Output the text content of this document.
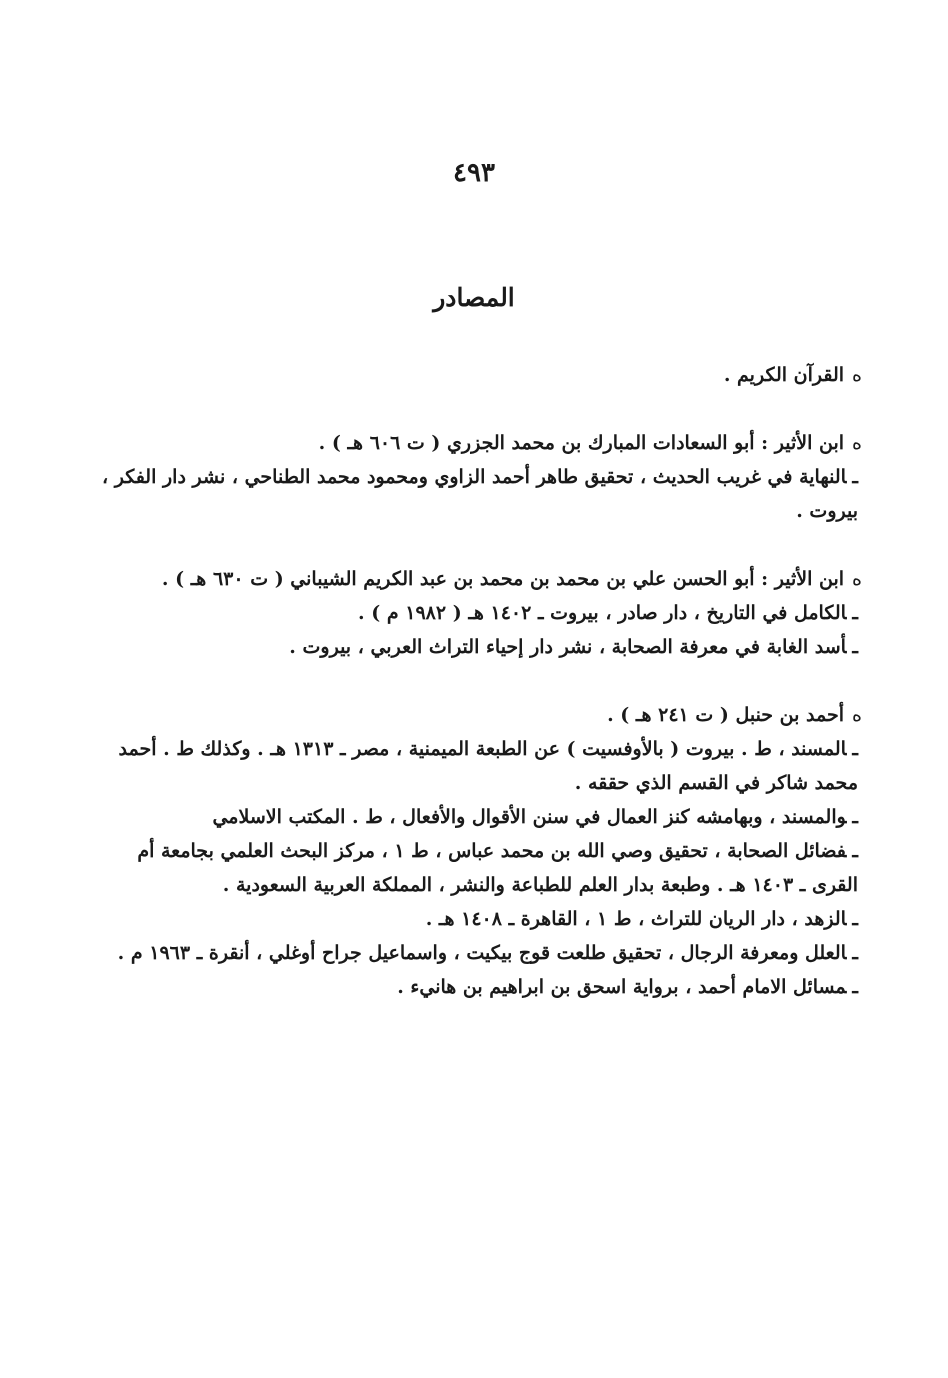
٤٩٣
المصادر

هالقرآن الكريم .

هابن الأثير : أبو السعادات المبارك بن محمد الجزري ( ت ٦٠٦ هـ ) .

ـالنهاية في غريب الحديث ، تحقيق طاهر أحمد الزاوي ومحمود محمد الطناحي ، نشر دار الفكر ، بيروت .

هابن الأثير : أبو الحسن علي بن محمد بن محمد بن عبد الكريم الشيباني ( ت ٦٣٠ هـ ) .

ـالكامل في التاريخ ، دار صادر ، بيروت ـ ١٤٠٢ هـ ( ١٩٨٢ م ) .

ـأسد الغابة في معرفة الصحابة ، نشر دار إحياء التراث العربي ، بيروت .

هأحمد بن حنبل ( ت ٢٤١ هـ ) .

ـالمسند ، ط . بيروت ( بالأوفسيت ) عن الطبعة الميمنية ، مصر ـ ١٣١٣ هـ . وكذلك ط . أحمد محمد شاكر في القسم الذي حققه .

ـوالمسند ، وبهامشه كنز العمال في سنن الأقوال والأفعال ، ط . المكتب الاسلامي

ـفضائل الصحابة ، تحقيق وصي الله بن محمد عباس ، ط ١ ، مركز البحث العلمي بجامعة أم القرى ـ ١٤٠٣ هـ . وطبعة بدار العلم للطباعة والنشر ، المملكة العربية السعودية .

ـالزهد ، دار الريان للتراث ، ط ١ ، القاهرة ـ ١٤٠٨ هـ .

ـالعلل ومعرفة الرجال ، تحقيق طلعت قوج بيكيت ، واسماعيل جراح أوغلي ، أنقرة ـ ١٩٦٣ م .

ـمسائل الامام أحمد ، برواية اسحق بن ابراهيم بن هانيء .
